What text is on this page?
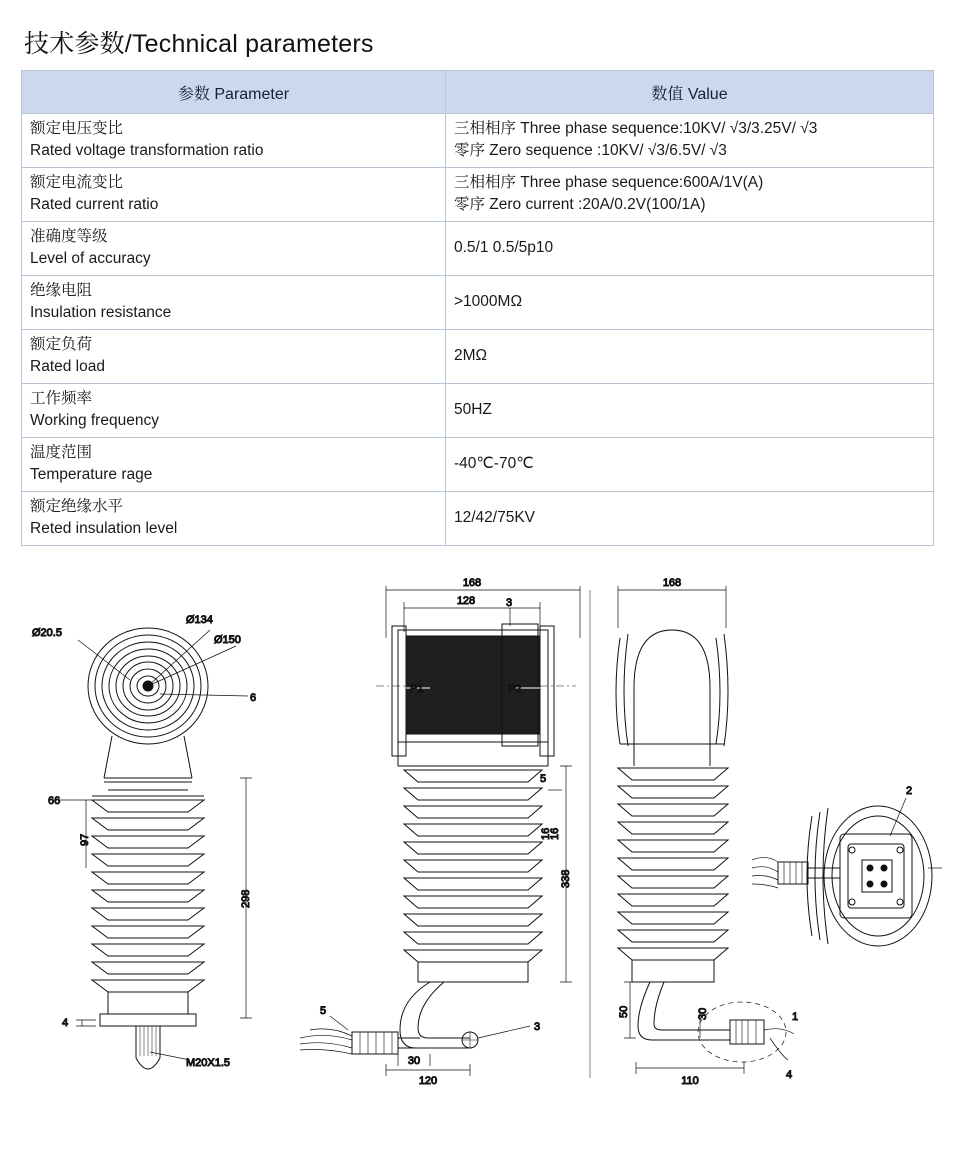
技术参数/Technical parameters
参数 Parameter	数值 Value

额定电压变比
Rated voltage transformation ratio	三相相序 Three phase sequence:10KV/ √3/3.25V/ √3
零序 Zero sequence :10KV/ √3/6.5V/ √3

额定电流变比
Rated current ratio	三相相序 Three phase sequence:600A/1V(A)
零序 Zero current :20A/0.2V(100/1A)

准确度等级
Level of accuracy	0.5/1 0.5/5p10

绝缘电阻
Insulation resistance	>1000MΩ

额定负荷
Rated load	2MΩ

工作频率
Working frequency	50HZ

温度范围
Temperature rage	-40℃-70℃

额定绝缘水平
Reted insulation level	12/42/75KV
Ø134
Ø150
Ø20.5
6
66
97
298
4
M20X1.5
168
128	3
P1	P2
5
3
338
16
16
5
120
30
168
1
4
50	30
110
2
